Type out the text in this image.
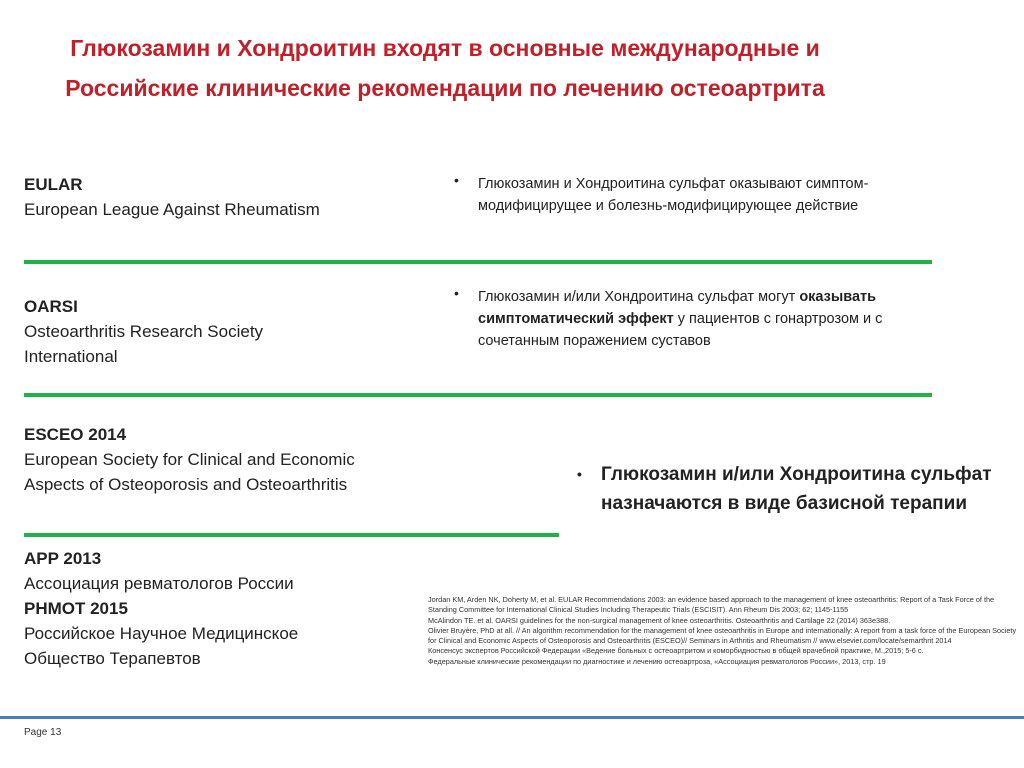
Глюкозамин и Хондроитин входят в основные международные и Российские клинические рекомендации по лечению остеоартрита
EULAR
European League Against Rheumatism
OARSI
Osteoarthritis Research Society International
ESCEO 2014
European Society for Clinical and Economic Aspects of Osteoporosis and Osteoarthritis
APP 2013
Ассоциация ревматологов России
PHMOT 2015
Российское Научное Медицинское Общество Терапевтов
• Глюкозамин и Хондроитина сульфат оказывают симптом-модифицирущее и болезнь-модифицирующее действие
• Глюкозамин и/или Хондроитина сульфат могут оказывать симптоматический эффект у пациентов с гонартрозом и с сочетанным поражением суставов
• Глюкозамин и/или Хондроитина сульфат назначаются в виде базисной терапии
Jordan KM, Arden NK, Doherty M, et al. EULAR Recommendations 2003: an evidence based approach to the management of knee osteoarthritis: Report of a Task Force of the Standing Committee for International Clinical Studies Including Therapeutic Trials (ESCISIT). Ann Rheum Dis 2003; 62; 1145-1155
McAlindon TE. et al. OARSI guidelines for the non-surgical management of knee osteoarthritis. Osteoarthritis and Cartilage 22 (2014) 363e388.
Olivier Bruyère, PhD at all. // An algorithm recommendation for the management of knee osteoarthritis in Europe and internationally: A report from a task force of the European Society for Clinical and Economic Aspects of Osteoporosis and Osteoarthritis (ESCEO)// Seminars in Arthritis and Rheumatism // www.elsevier.com/locate/semarthrit 2014
Консенсус экспертов Российской Федерации «Ведение больных с остеоартритом и коморбидностью в общей врачебной практике, М.,2015; 5-6 с.
Федеральные клинические рекомендации по диагностике и лечению остеоартроза, «Ассоциация ревматологов России», 2013, стр. 19
Page 13
